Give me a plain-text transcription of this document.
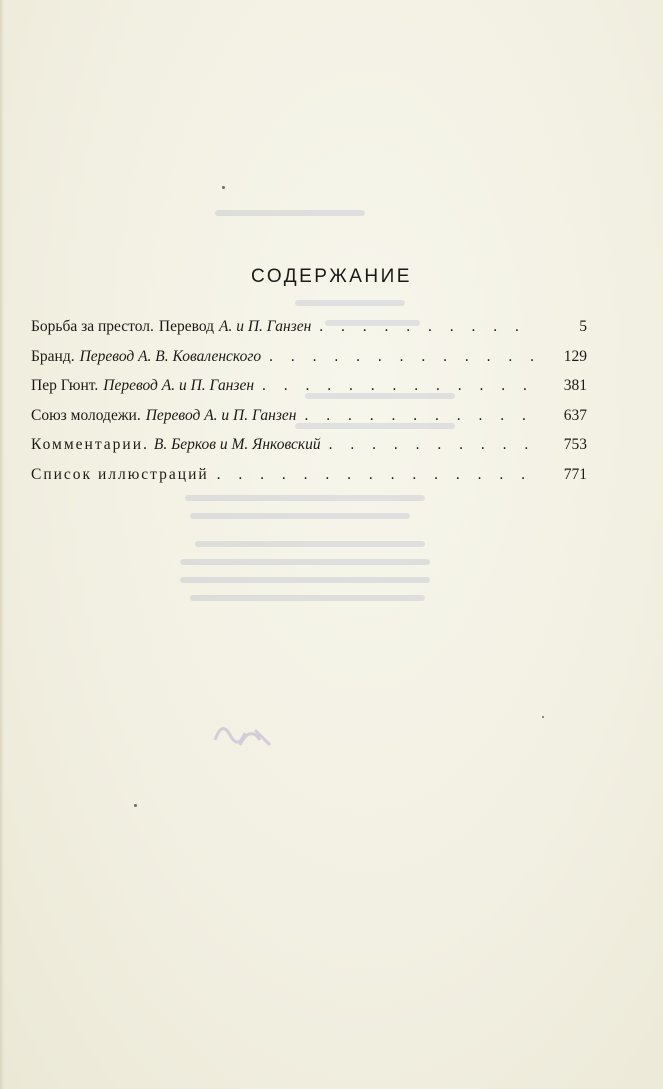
СОДЕРЖАНИЕ
Борьба за престол. Перевод А. и П. Ганзен . . .	5
Бранд. Перевод А. В. Коваленского . . .	129
Пер Гюнт. Перевод А. и П. Ганзен . . .	381
Союз молодежи. Перевод А. и П. Ганзен . . .	637
Комментарии. В. Берков и М. Янковский . . .	753
Список иллюстраций . . .	771
